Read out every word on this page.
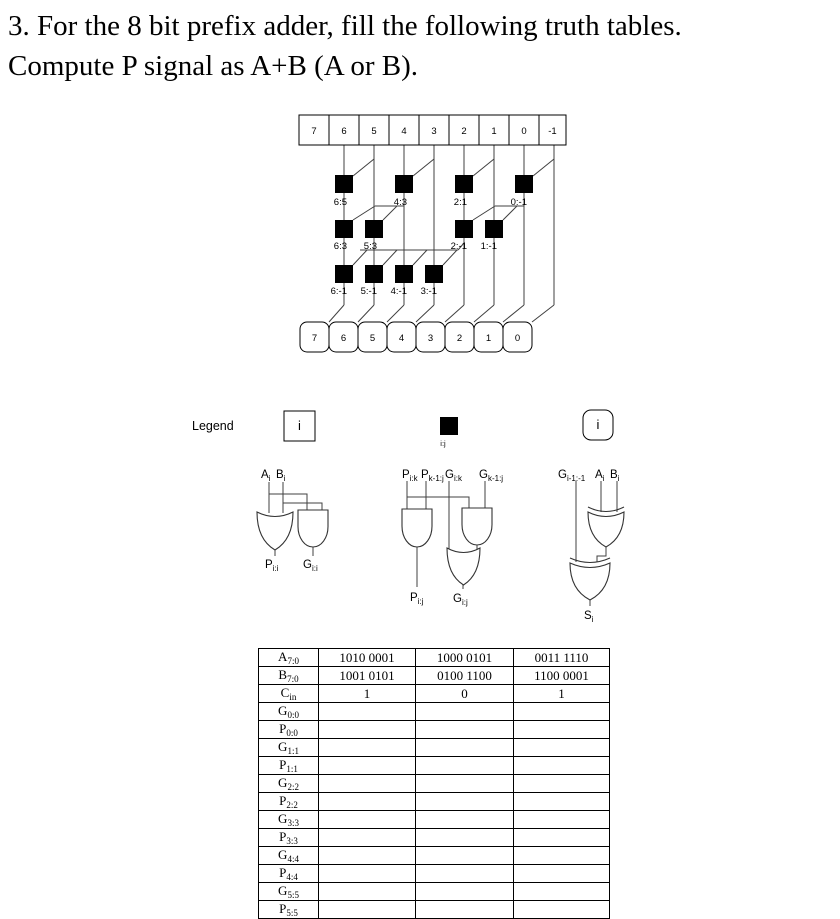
3. For the 8 bit prefix adder, fill the following truth tables.
Compute P signal as A+B (A or B).
7	6	5	4	3	2	1	0 -1
6:5	4:3	2:1	0:-1
6:3 5:3	2:-1 1:-1
6:-1 5:-1 4:-1 3:-1
7 6 5 4 3 2 1 0
Legend	i
i:j
i
$A_i$ $B_i$
$P_{i:i}$ $G_{i:i}$
$P_{i:k}$ $P_{k-1:j}$ $G_{i:k}$ $G_{k-1:j}$
$P_{i:j}$	$G_{i:j}$
$G_{i-1:-1}$ $A_i$ $B_i$
$S_i$
$A_{7:0}$	1010 0001	1000 0101	0011 1110
$B_{7:0}$	1001 0101	0100 1100	1100 0001
$C_{in}$	1	0	1
$G_{0:0}$			
$P_{0:0}$			
$G_{1:1}$			
$P_{1:1}$			
$G_{2:2}$			
$P_{2:2}$			
$G_{3:3}$			
$P_{3:3}$			
$G_{4:4}$			
$P_{4:4}$			
$G_{5:5}$			
$P_{5:5}$			
